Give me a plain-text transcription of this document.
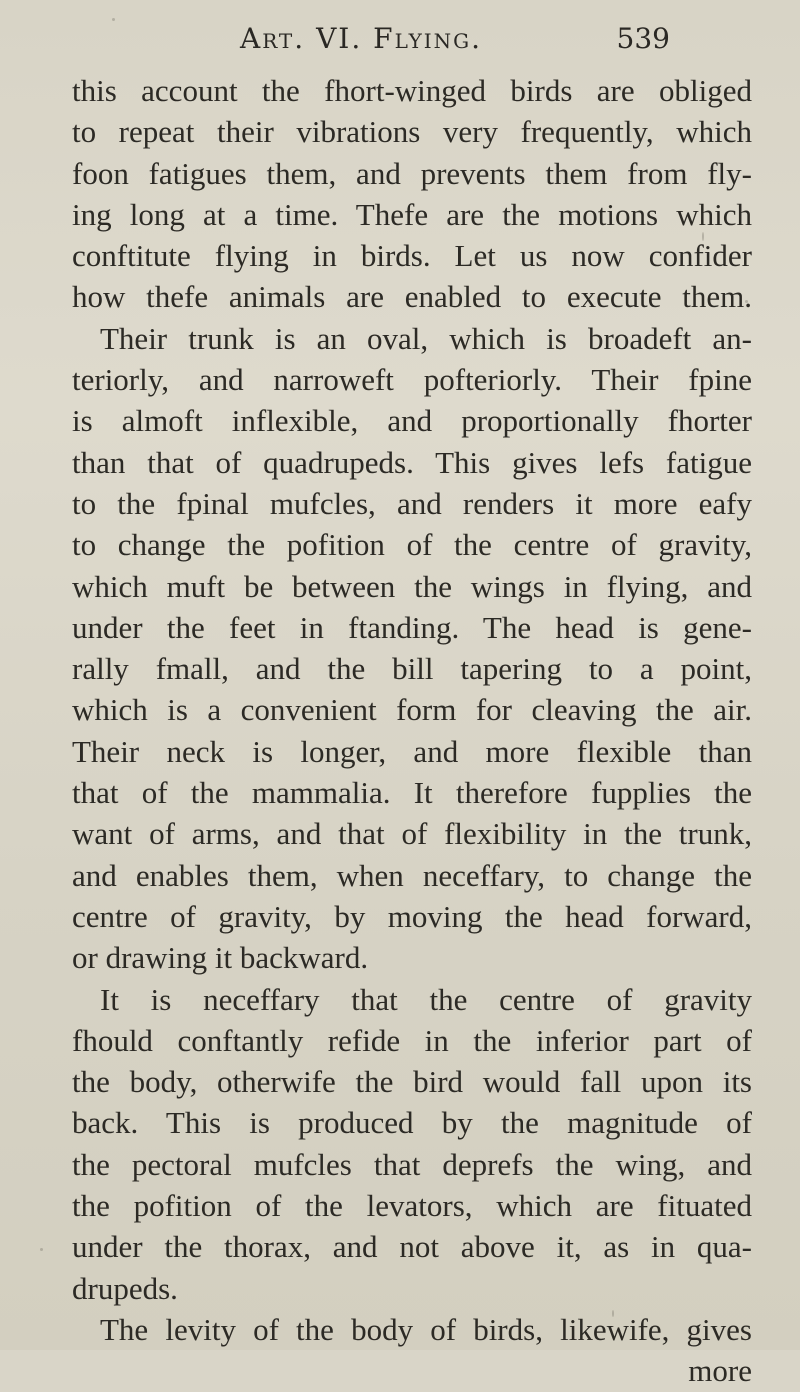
Art. VI. Flying.	539
this account the fhort-winged birds are obliged
to repeat their vibrations very frequently, which
foon fatigues them, and prevents them from fly-
ing long at a time. Thefe are the motions which
conftitute flying in birds. Let us now confider
how thefe animals are enabled to execute them.
Their trunk is an oval, which is broadeft an-
teriorly, and narroweft pofteriorly. Their fpine
is almoft inflexible, and proportionally fhorter
than that of quadrupeds. This gives lefs fatigue
to the fpinal mufcles, and renders it more eafy
to change the pofition of the centre of gravity,
which muft be between the wings in flying, and
under the feet in ftanding. The head is gene-
rally fmall, and the bill tapering to a point,
which is a convenient form for cleaving the air.
Their neck is longer, and more flexible than
that of the mammalia. It therefore fupplies the
want of arms, and that of flexibility in the trunk,
and enables them, when neceffary, to change the
centre of gravity, by moving the head forward,
or drawing it backward.
It is neceffary that the centre of gravity
fhould conftantly refide in the inferior part of
the body, otherwife the bird would fall upon its
back. This is produced by the magnitude of
the pectoral mufcles that deprefs the wing, and
the pofition of the levators, which are fituated
under the thorax, and not above it, as in qua-
drupeds.
The levity of the body of birds, likewife, gives
more
